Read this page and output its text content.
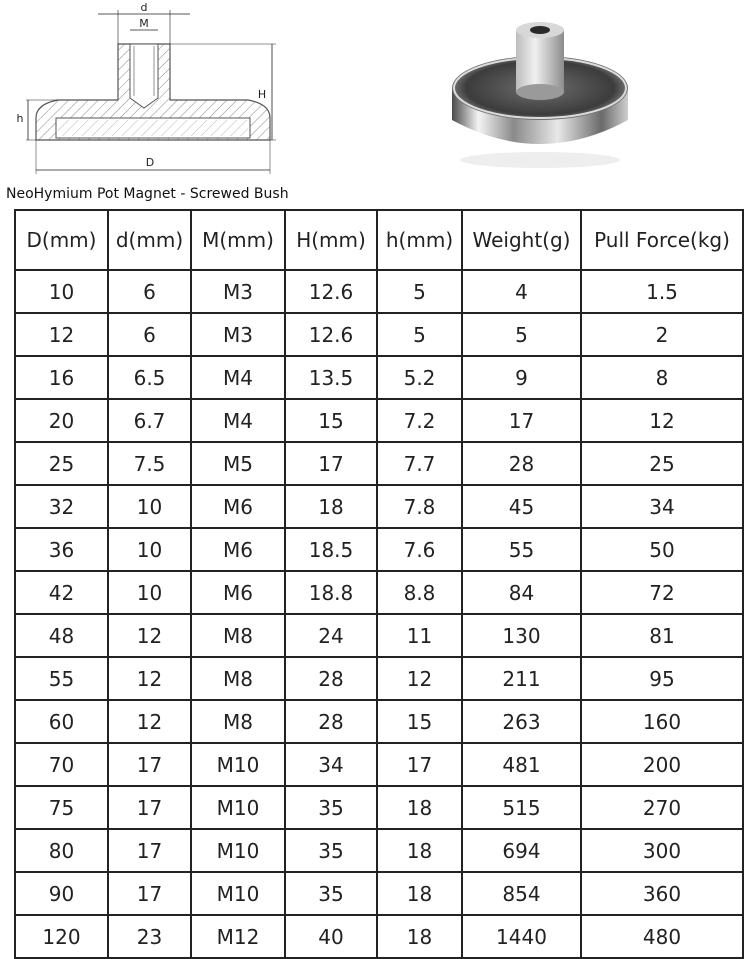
d
M
H
h
D
NeoHymium Pot Magnet - Screwed Bush
D(mm)	d(mm)	M(mm)	H(mm)	h(mm)	Weight(g)	Pull Force(kg)
10	6	M3	12.6	5	4	1.5
12	6	M3	12.6	5	5	2
16	6.5	M4	13.5	5.2	9	8
20	6.7	M4	15	7.2	17	12
25	7.5	M5	17	7.7	28	25
32	10	M6	18	7.8	45	34
36	10	M6	18.5	7.6	55	50
42	10	M6	18.8	8.8	84	72
48	12	M8	24	11	130	81
55	12	M8	28	12	211	95
60	12	M8	28	15	263	160
70	17	M10	34	17	481	200
75	17	M10	35	18	515	270
80	17	M10	35	18	694	300
90	17	M10	35	18	854	360
120	23	M12	40	18	1440	480
